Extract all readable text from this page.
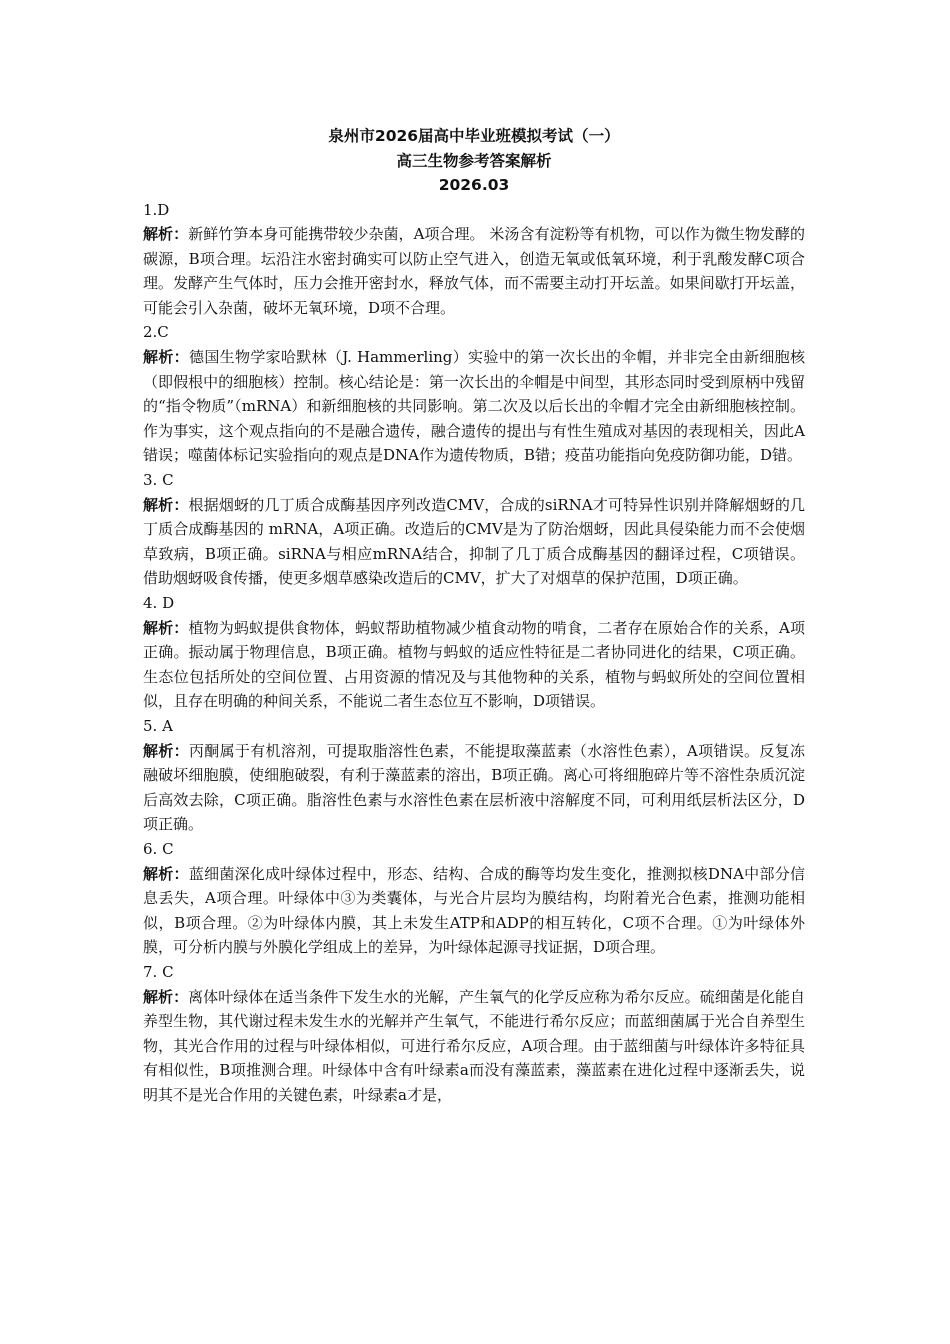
泉州市2026届高中毕业班模拟考试（一）

高三生物参考答案解析

2026.03

1.D

解析：新鲜竹笋本身可能携带较少杂菌，A项合理。 米汤含有淀粉等有机物，可以作为微生物发酵的碳源，B项合理。坛沿注水密封确实可以防止空气进入，创造无氧或低氧环境，利于乳酸发酵C项合理。发酵产生气体时，压力会推开密封水，释放气体，而不需要主动打开坛盖。如果间歇打开坛盖，可能会引入杂菌，破坏无氧环境，D项不合理。

2.C

解析：德国生物学家哈默林（J. Hammerling）实验中的第一次长出的伞帽，并非完全由新细胞核（即假根中的细胞核）控制。核心结论是：第一次长出的伞帽是中间型，其形态同时受到原柄中残留的“指令物质”（mRNA）和新细胞核的共同影响。第二次及以后长出的伞帽才完全由新细胞核控制。作为事实，这个观点指向的不是融合遗传，融合遗传的提出与有性生殖成对基因的表现相关，因此A错误；噬菌体标记实验指向的观点是DNA作为遗传物质，B错；疫苗功能指向免疫防御功能，D错。

3. C

解析：根据烟蚜的几丁质合成酶基因序列改造CMV，合成的siRNA才可特异性识别并降解烟蚜的几丁质合成酶基因的 mRNA，A项正确。改造后的CMV是为了防治烟蚜，因此具侵染能力而不会使烟草致病，B项正确。siRNA与相应mRNA结合，抑制了几丁质合成酶基因的翻译过程，C项错误。 借助烟蚜吸食传播，使更多烟草感染改造后的CMV，扩大了对烟草的保护范围，D项正确。

4. D

解析：植物为蚂蚁提供食物体，蚂蚁帮助植物减少植食动物的啃食，二者存在原始合作的关系，A项正确。振动属于物理信息，B项正确。植物与蚂蚁的适应性特征是二者协同进化的结果，C项正确。生态位包括所处的空间位置、占用资源的情况及与其他物种的关系，植物与蚂蚁所处的空间位置相似，且存在明确的种间关系，不能说二者生态位互不影响，D项错误。

5. A

解析：丙酮属于有机溶剂，可提取脂溶性色素，不能提取藻蓝素（水溶性色素），A项错误。反复冻融破坏细胞膜，使细胞破裂，有利于藻蓝素的溶出，B项正确。离心可将细胞碎片等不溶性杂质沉淀后高效去除，C项正确。脂溶性色素与水溶性色素在层析液中溶解度不同，可利用纸层析法区分，D项正确。

6. C

解析：蓝细菌深化成叶绿体过程中，形态、结构、合成的酶等均发生变化，推测拟核DNA中部分信息丢失，A项合理。叶绿体中③为类囊体，与光合片层均为膜结构，均附着光合色素，推测功能相似，B项合理。②为叶绿体内膜，其上未发生ATP和ADP的相互转化，C项不合理。①为叶绿体外膜，可分析内膜与外膜化学组成上的差异，为叶绿体起源寻找证据，D项合理。

7. C

解析：离体叶绿体在适当条件下发生水的光解，产生氧气的化学反应称为希尔反应。硫细菌是化能自养型生物，其代谢过程未发生水的光解并产生氧气，不能进行希尔反应；而蓝细菌属于光合自养型生物，其光合作用的过程与叶绿体相似，可进行希尔反应，A项合理。由于蓝细菌与叶绿体许多特征具有相似性，B项推测合理。叶绿体中含有叶绿素a而没有藻蓝素，藻蓝素在进化过程中逐渐丢失，说明其不是光合作用的关键色素，叶绿素a才是，
